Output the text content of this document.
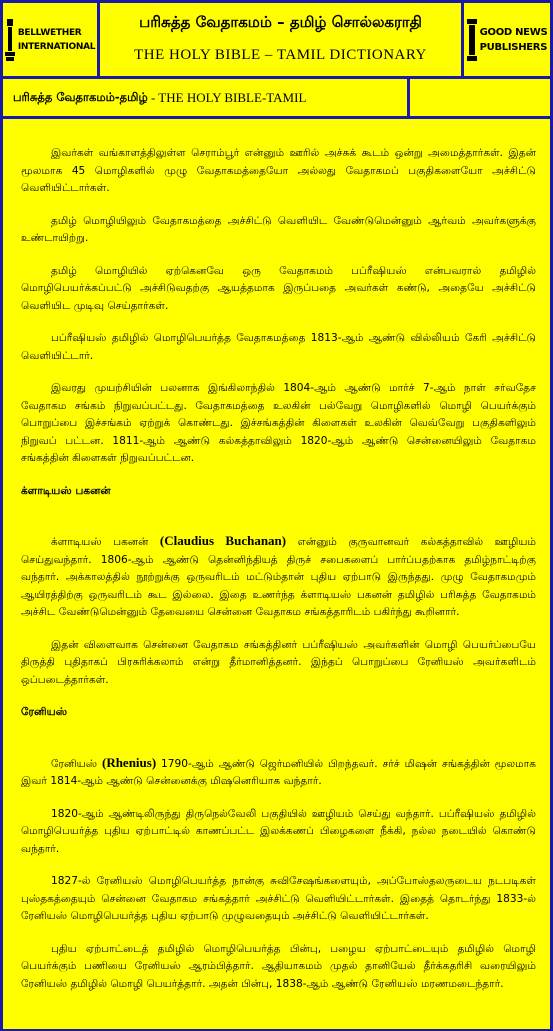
BELLWETHER
INTERNATIONAL
பரிசுத்த வேதாகமம் – தமிழ் சொல்லகராதி
THE HOLY BIBLE – TAMIL DICTIONARY
GOOD NEWS
PUBLISHERS
பரிசுத்த வேதாகமம்-தமிழ் - THE HOLY BIBLE-TAMIL

இவர்கள் வங்காளத்திலுள்ள செராம்பூர் என்னும் ஊரில் அச்சுக் கூடம் ஒன்று அமைத்தார்கள். இதன் மூலமாக 45 மொழிகளில் முழு வேதாகமத்தையோ அல்லது வேதாகமப் பகுதிகளையோ அச்சிட்டு வெளியிட்டார்கள்.

தமிழ் மொழியிலும் வேதாகமத்தை அச்சிட்டு வெளியிட வேண்டுமென்னும் ஆர்வம் அவர்களுக்கு உண்டாயிற்று.

தமிழ் மொழியில் ஏற்கெனவே ஒரு வேதாகமம் பப்ரீஷியஸ் என்பவரால் தமிழில் மொழிபெயர்க்கப்பட்டு அச்சிடுவதற்கு ஆயத்தமாக இருப்பதை அவர்கள் கண்டு, அதையே அச்சிட்டு வெளியிட முடிவு செய்தார்கள்.

பப்ரீஷியஸ் தமிழில் மொழிபெயர்த்த வேதாகமத்தை 1813-ஆம் ஆண்டு வில்லியம் கேரி அச்சிட்டு வெளியிட்டார்.

இவரது முயற்சியின் பலனாக இங்கிலாந்தில் 1804-ஆம் ஆண்டு மார்ச் 7-ஆம் நாள் சர்வதேச வேதாகம சங்கம் நிறுவப்பட்டது. வேதாகமத்தை உலகின் பல்வேறு மொழிகளில் மொழி பெயர்க்கும் பொறுப்பை இச்சங்கம் ஏற்றுக் கொண்டது. இச்சங்கத்தின் கிளைகள் உலகின் வெவ்வேறு பகுதிகளிலும் நிறுவப் பட்டன. 1811-ஆம் ஆண்டு கல்கத்தாவிலும் 1820-ஆம் ஆண்டு சென்னையிலும் வேதாகம சங்கத்தின் கிளைகள் நிறுவப்பட்டன.

க்ளாடியஸ் பகனன்

க்ளாடியஸ் பகனன் (Claudius Buchanan) என்னும் குருவானவர் கல்கத்தாவில் ஊழியம் செய்துவந்தார். 1806-ஆம் ஆண்டு தென்னிந்தியத் திருச் சபைகளைப் பார்ப்பதற்காக தமிழ்நாட்டிற்கு வந்தார். அக்காலத்தில் நூற்றுக்கு ஒருவரிடம் மட்டும்தான் புதிய ஏற்பாடு இருந்தது. முழு வேதாகமமும் ஆயிரத்திற்கு ஒருவரிடம் கூட இல்லை. இதை உணர்ந்த க்ளாடியஸ் பகனன் தமிழில் பரிசுத்த வேதாகமம் அச்சிட வேண்டுமென்னும் தேவையை சென்னை வேதாகம சங்கத்தாரிடம் பகிர்ந்து கூறினார்.

இதன் விளைவாக சென்னை வேதாகம சங்கத்தினர் பப்ரீஷியஸ் அவர்களின் மொழி பெயர்ப்பையே திருத்தி புதிதாகப் பிரசுரிக்கலாம் என்று தீர்மானித்தனர். இந்தப் பொறுப்பை ரேனியஸ் அவர்களிடம் ஒப்படைத்தார்கள்.

ரேனியஸ்

ரேனியஸ் (Rhenius) 1790-ஆம் ஆண்டு ஜெர்மனியில் பிறந்தவர். சர்ச் மிஷன் சங்கத்தின் மூலமாக இவர் 1814-ஆம் ஆண்டு சென்னைக்கு மிஷனெரியாக வந்தார்.

1820-ஆம் ஆண்டிலிருந்து திருநெல்வேலி பகுதியில் ஊழியம் செய்து வந்தார். பப்ரீஷியஸ் தமிழில் மொழிபெயர்த்த புதிய ஏற்பாட்டில் காணப்பட்ட இலக்கணப் பிழைகளை நீக்கி, நல்ல நடையில் கொண்டு வந்தார்.

1827-ல் ரேனியஸ் மொழிபெயர்த்த நான்கு சுவிசேஷங்களையும், அப்போஸ்தலருடைய நடபடிகள் புஸ்தகத்தையும் சென்னை வேதாகம சங்கத்தார் அச்சிட்டு வெளியிட்டார்கள். இதைத் தொடர்ந்து 1833-ல் ரேனியஸ் மொழிபெயர்த்த புதிய ஏற்பாடு முழுவதையும் அச்சிட்டு வெளியிட்டார்கள்.

புதிய ஏற்பாட்டைத் தமிழில் மொழிபெயர்த்த பின்பு, பழைய ஏற்பாட்டையும் தமிழில் மொழி பெயர்க்கும் பணியை ரேனியஸ் ஆரம்பித்தார். ஆதியாகமம் முதல் தானியேல் தீர்க்கதரிசி வரையிலும் ரேனியஸ் தமிழில் மொழி பெயர்த்தார். அதன் பின்பு, 1838-ஆம் ஆண்டு ரேனியஸ் மரணமடைந்தார்.
